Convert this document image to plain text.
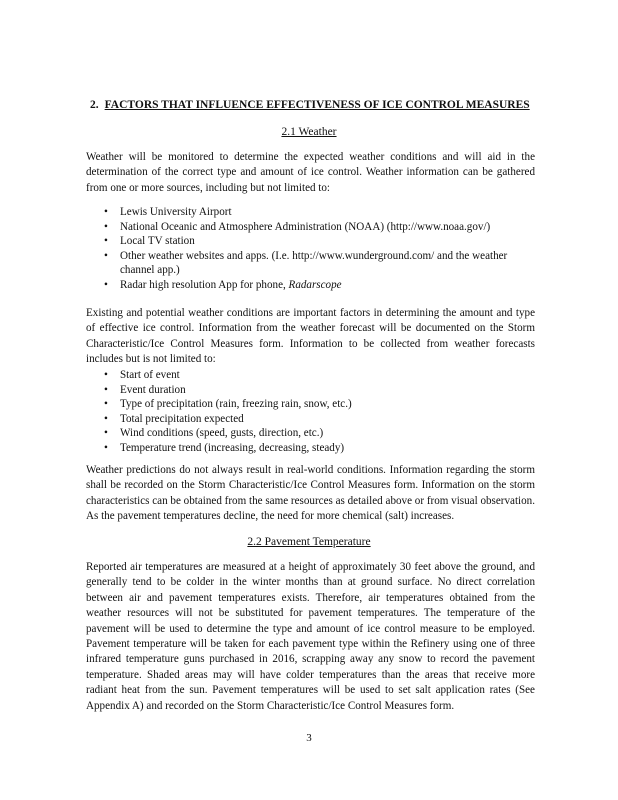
2. FACTORS THAT INFLUENCE EFFECTIVENESS OF ICE CONTROL MEASURES
2.1 Weather

Weather will be monitored to determine the expected weather conditions and will aid in the determination of the correct type and amount of ice control. Weather information can be gathered from one or more sources, including but not limited to:

• Lewis University Airport
• National Oceanic and Atmosphere Administration (NOAA) (http://www.noaa.gov/)
• Local TV station
• Other weather websites and apps. (I.e. http://www.wunderground.com/ and the weather channel app.)
• Radar high resolution App for phone, Radarscope

Existing and potential weather conditions are important factors in determining the amount and type of effective ice control. Information from the weather forecast will be documented on the Storm Characteristic/Ice Control Measures form. Information to be collected from weather forecasts includes but is not limited to:

• Start of event
• Event duration
• Type of precipitation (rain, freezing rain, snow, etc.)
• Total precipitation expected
• Wind conditions (speed, gusts, direction, etc.)
• Temperature trend (increasing, decreasing, steady)

Weather predictions do not always result in real-world conditions. Information regarding the storm shall be recorded on the Storm Characteristic/Ice Control Measures form. Information on the storm characteristics can be obtained from the same resources as detailed above or from visual observation. As the pavement temperatures decline, the need for more chemical (salt) increases.

2.2 Pavement Temperature

Reported air temperatures are measured at a height of approximately 30 feet above the ground, and generally tend to be colder in the winter months than at ground surface. No direct correlation between air and pavement temperatures exists. Therefore, air temperatures obtained from the weather resources will not be substituted for pavement temperatures. The temperature of the pavement will be used to determine the type and amount of ice control measure to be employed. Pavement temperature will be taken for each pavement type within the Refinery using one of three infrared temperature guns purchased in 2016, scrapping away any snow to record the pavement temperature. Shaded areas may will have colder temperatures than the areas that receive more radiant heat from the sun. Pavement temperatures will be used to set salt application rates (See Appendix A) and recorded on the Storm Characteristic/Ice Control Measures form.

3
